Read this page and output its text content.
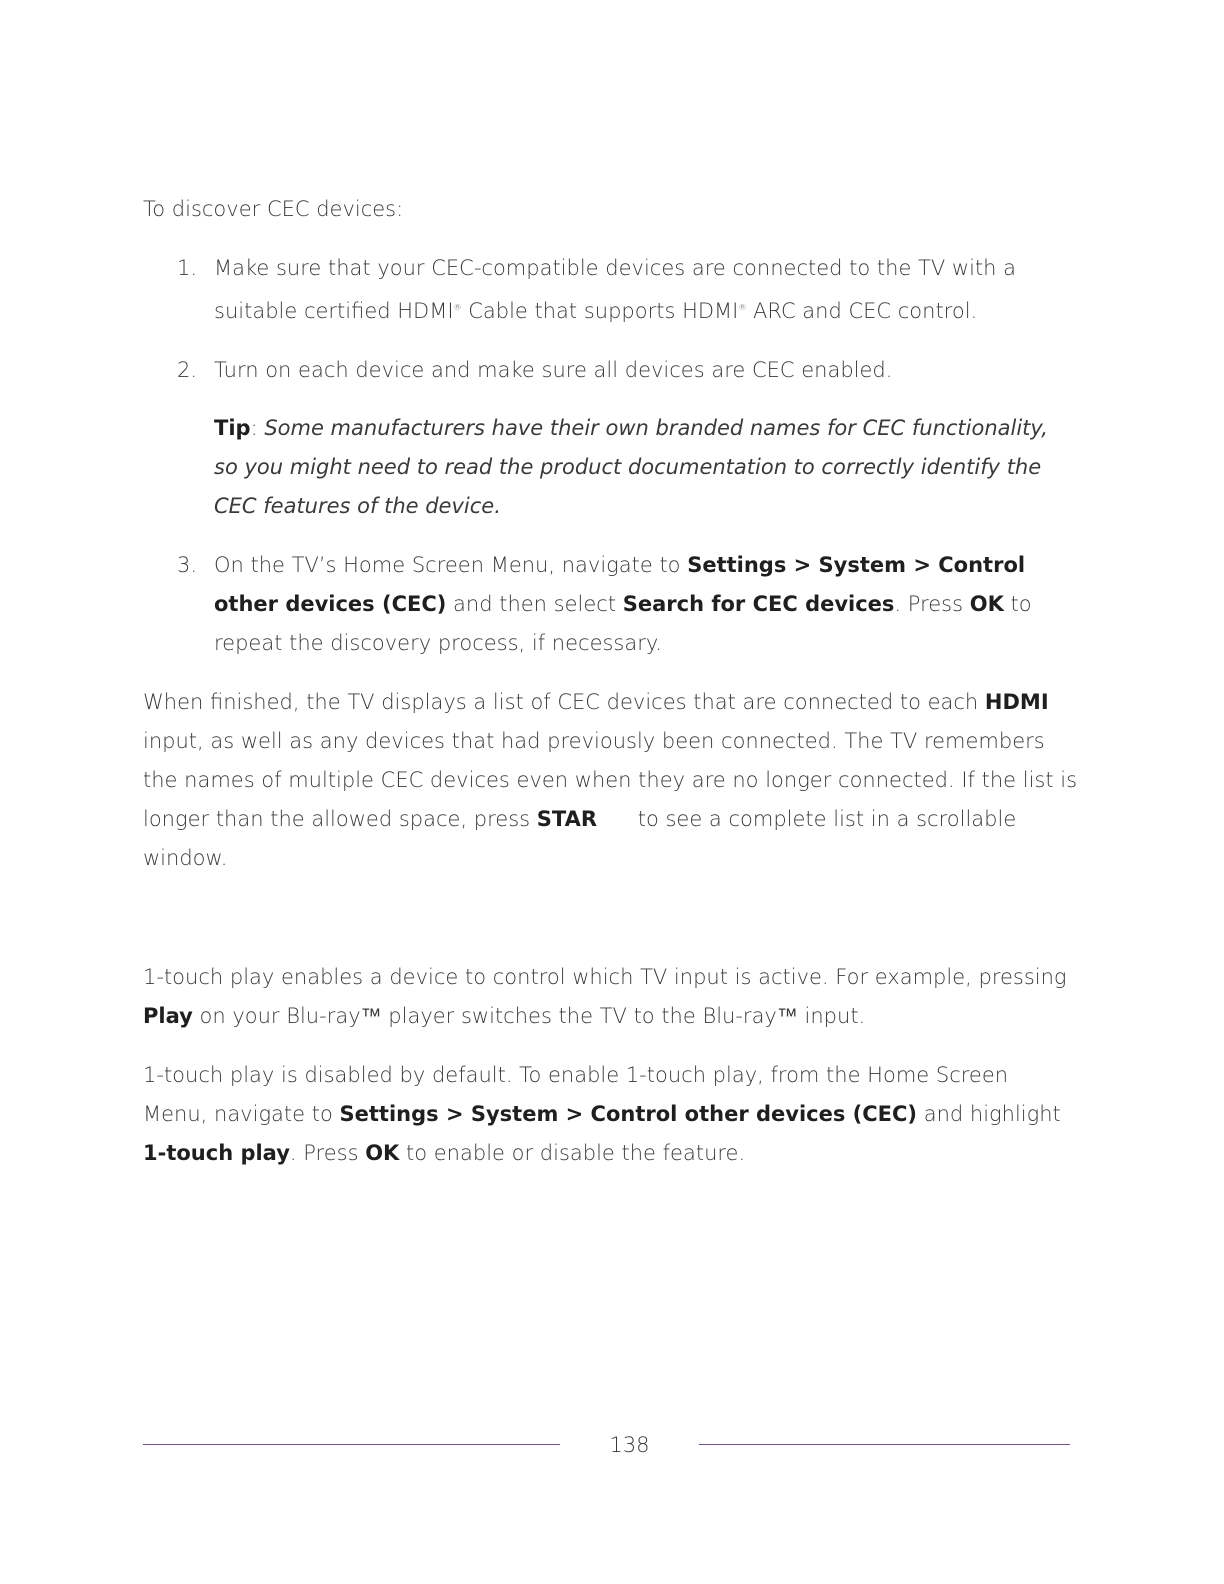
To discover CEC devices:

1. Make sure that your CEC-compatible devices are connected to the TV with a suitable certified HDMI® Cable that supports HDMI® ARC and CEC control.

2. Turn on each device and make sure all devices are CEC enabled.

Tip: Some manufacturers have their own branded names for CEC functionality, so you might need to read the product documentation to correctly identify the CEC features of the device.

3. On the TV’s Home Screen Menu, navigate to Settings > System > Control other devices (CEC) and then select Search for CEC devices. Press OK to repeat the discovery process, if necessary.

When finished, the TV displays a list of CEC devices that are connected to each HDMI input, as well as any devices that had previously been connected. The TV remembers the names of multiple CEC devices even when they are no longer connected. If the list is longer than the allowed space, press STAR to see a complete list in a scrollable window.

1-touch play enables a device to control which TV input is active. For example, pressing Play on your Blu-ray™ player switches the TV to the Blu-ray™ input.

1-touch play is disabled by default. To enable 1-touch play, from the Home Screen Menu, navigate to Settings > System > Control other devices (CEC) and highlight 1-touch play. Press OK to enable or disable the feature.

138
